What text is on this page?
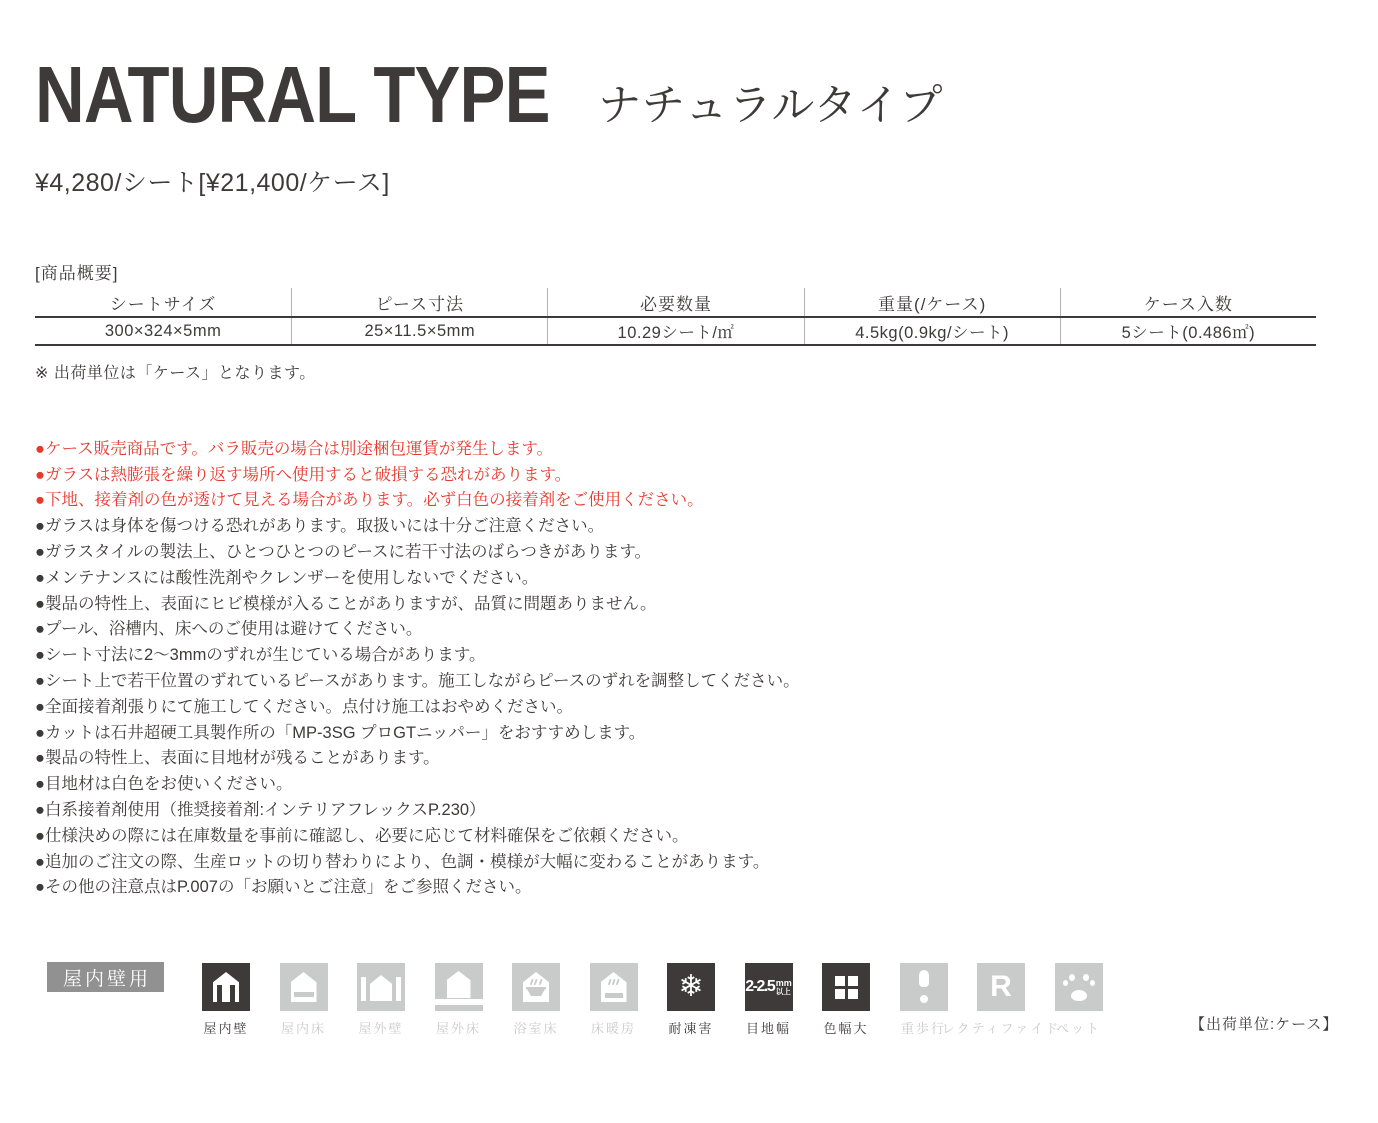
NATURAL TYPE ナチュラルタイプ
¥4,280/シート[¥21,400/ケース]
[商品概要]
シートサイズ	ピース寸法	必要数量	重量(/ケース)	ケース入数
300×324×5mm	25×11.5×5mm	10.29シート/㎡	4.5kg(0.9kg/シート)	5シート(0.486㎡)
※ 出荷単位は「ケース」となります。
●ケース販売商品です。バラ販売の場合は別途梱包運賃が発生します。
●ガラスは熱膨張を繰り返す場所へ使用すると破損する恐れがあります。
●下地、接着剤の色が透けて見える場合があります。必ず白色の接着剤をご使用ください。
●ガラスは身体を傷つける恐れがあります。取扱いには十分ご注意ください。
●ガラスタイルの製法上、ひとつひとつのピースに若干寸法のばらつきがあります。
●メンテナンスには酸性洗剤やクレンザーを使用しないでください。
●製品の特性上、表面にヒビ模様が入ることがありますが、品質に問題ありません。
●プール、浴槽内、床へのご使用は避けてください。
●シート寸法に2〜3mmのずれが生じている場合があります。
●シート上で若干位置のずれているピースがあります。施工しながらピースのずれを調整してください。
●全面接着剤張りにて施工してください。点付け施工はおやめください。
●カットは石井超硬工具製作所の「MP-3SG プロGTニッパー」をおすすめします。
●製品の特性上、表面に目地材が残ることがあります。
●目地材は白色をお使いください。
●白系接着剤使用（推奨接着剤:インテリアフレックスP.230）
●仕様決めの際には在庫数量を事前に確認し、必要に応じて材料確保をご依頼ください。
●追加のご注文の際、生産ロットの切り替わりにより、色調・模様が大幅に変わることがあります。
●その他の注意点はP.007の「お願いとご注意」をご参照ください。
屋内壁用
屋内壁 屋内床 屋外壁 屋外床 浴室床 床暖房
❄
耐凍害
2-2.5 mm
以上
目地幅 色幅大 重歩行
R
レクティファイド
ペット	【出荷単位:ケース】
